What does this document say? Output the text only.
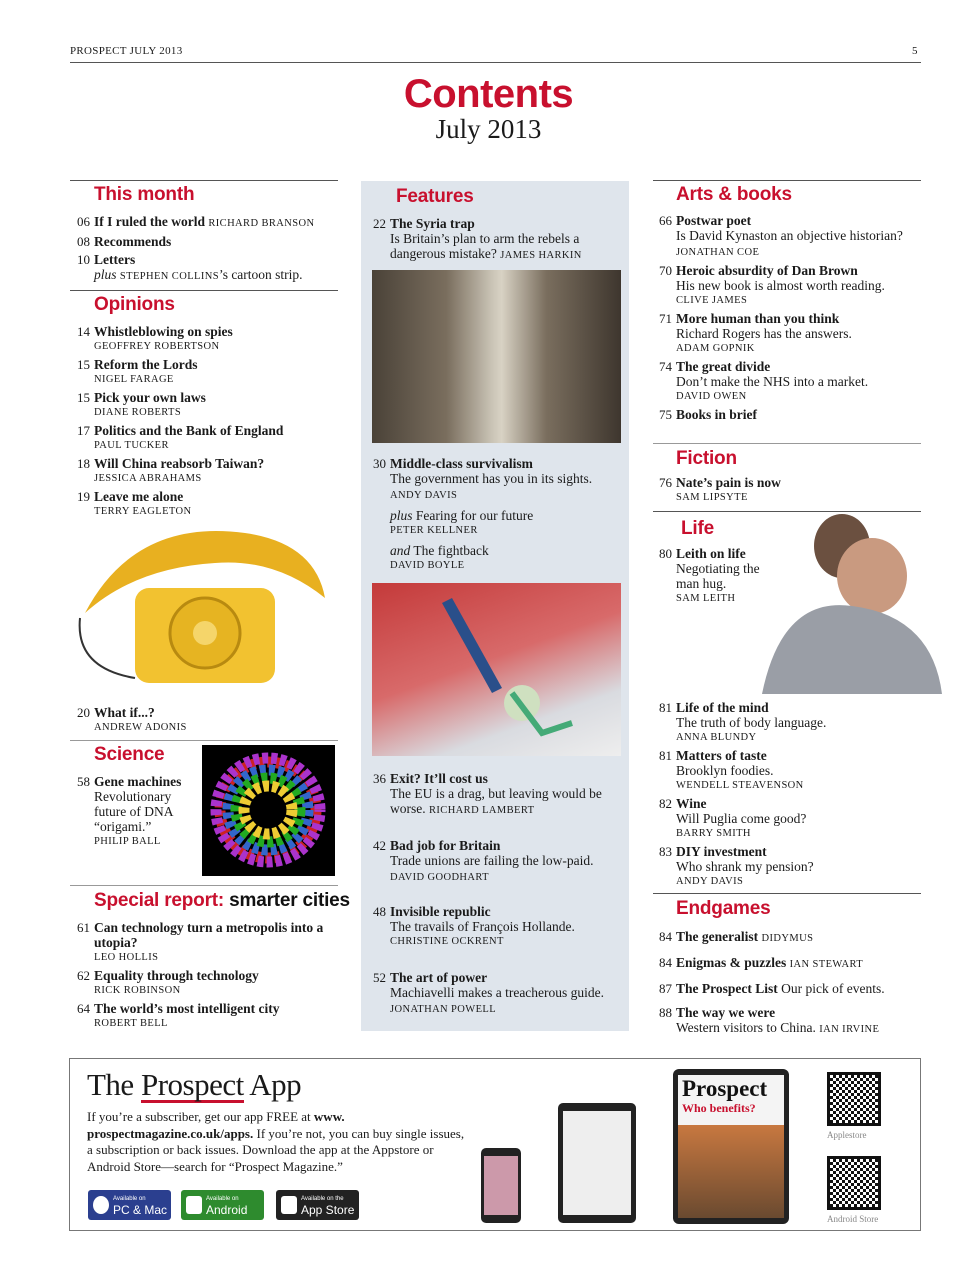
PROSPECT JULY 2013	5
Contents
July 2013
This month
06 If I ruled the world RICHARD BRANSON
08 Recommends
10 Letters
plus STEPHEN COLLINS’s cartoon strip.
Opinions
14 Whistleblowing on spies
GEOFFREY ROBERTSON
15 Reform the Lords
NIGEL FARAGE
15 Pick your own laws
DIANE ROBERTS
17 Politics and the Bank of England
PAUL TUCKER
18 Will China reabsorb Taiwan?
JESSICA ABRAHAMS
19 Leave me alone
TERRY EAGLETON
20 What if...?
ANDREW ADONIS
Science
58 Gene machines
Revolutionary future of DNA “origami.”
PHILIP BALL
Special report: smarter cities
61 Can technology turn a metropolis into a utopia?
LEO HOLLIS
62 Equality through technology
RICK ROBINSON
64 The world’s most intelligent city
ROBERT BELL
Features
22 The Syria trap
Is Britain’s plan to arm the rebels a dangerous mistake? JAMES HARKIN
30 Middle-class survivalism
The government has you in its sights. ANDY DAVIS
plus Fearing for our future
PETER KELLNER
and The fightback
DAVID BOYLE
36 Exit? It’ll cost us
The EU is a drag, but leaving would be worse. RICHARD LAMBERT
42 Bad job for Britain
Trade unions are failing the low-paid. DAVID GOODHART
48 Invisible republic
The travails of François Hollande.
CHRISTINE OCKRENT
52 The art of power
Machiavelli makes a treacherous guide. JONATHAN POWELL
Arts & books
66 Postwar poet
Is David Kynaston an objective historian? JONATHAN COE
70 Heroic absurdity of Dan Brown
His new book is almost worth reading.
CLIVE JAMES
71 More human than you think
Richard Rogers has the answers.
ADAM GOPNIK
74 The great divide
Don’t make the NHS into a market.
DAVID OWEN
75 Books in brief
Fiction
76 Nate’s pain is now
SAM LIPSYTE
Life
80 Leith on life
Negotiating the man hug.
SAM LEITH
81 Life of the mind
The truth of body language.
ANNA BLUNDY
81 Matters of taste
Brooklyn foodies.
WENDELL STEAVENSON
82 Wine
Will Puglia come good?
BARRY SMITH
83 DIY investment
Who shrank my pension?
ANDY DAVIS
Endgames
84 The generalist DIDYMUS
84 Enigmas & puzzles IAN STEWART
87 The Prospect List Our pick of events.
88 The way we were
Western visitors to China. IAN IRVINE
The Prospect App
If you’re a subscriber, get our app FREE at www. prospectmagazine.co.uk/apps. If you’re not, you can buy single issues, a subscription or back issues. Download the app at the Appstore or Android Store—search for “Prospect Magazine.”
Available on
PC & Mac
Available on
Android
Available on the
App Store
Prospect
Who benefits?
Applestore
Android Store
